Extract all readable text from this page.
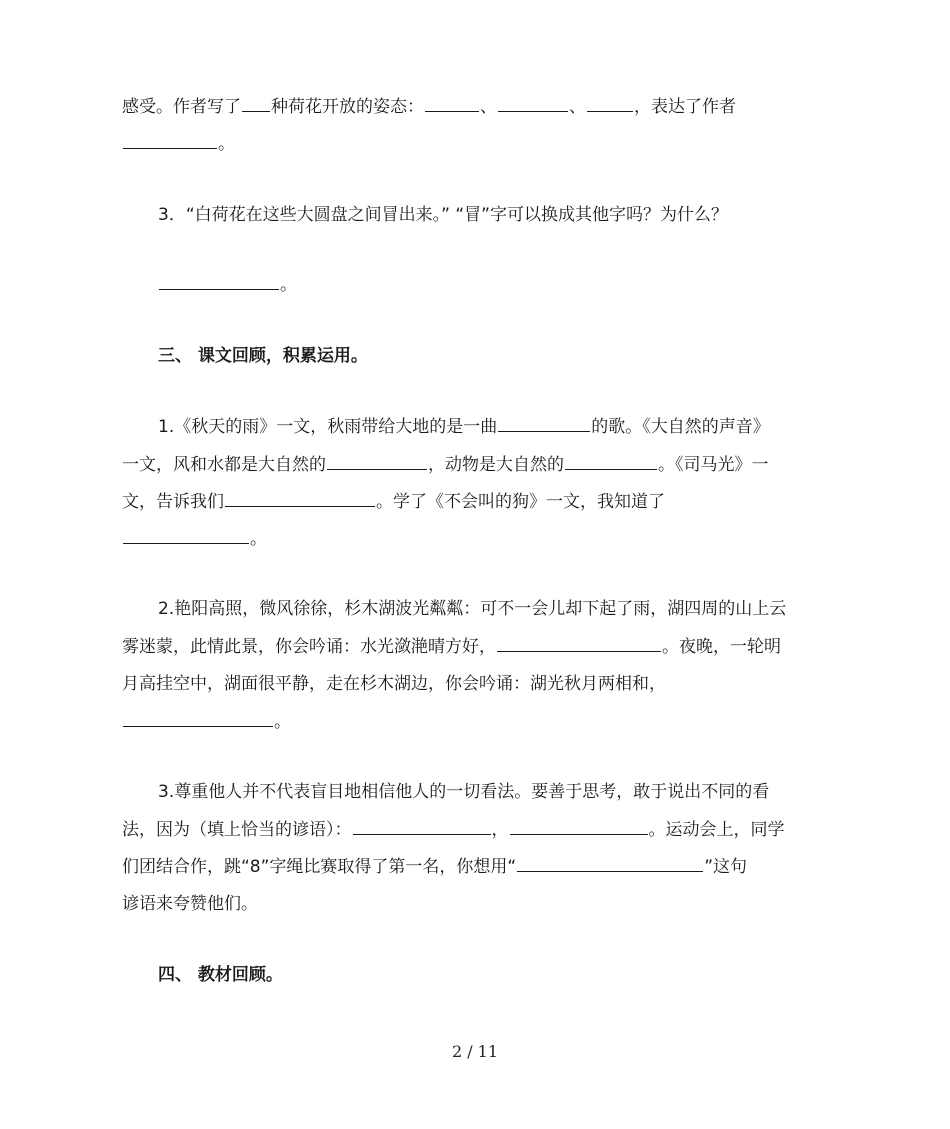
感受。作者写了 种荷花开放的姿态：	、	、	，表达了作者
。
3．“白荷花在这些大圆盘之间冒出来。” “冒”字可以换成其他字吗？为什么？
。
三、 课文回顾，积累运用。
1.《秋天的雨》一文，秋雨带给大地的是一曲	的歌。《大自然的声音》
一文，风和水都是大自然的	，动物是大自然的	。《司马光》一
文，告诉我们	。学了《不会叫的狗》一文，我知道了
。
2.艳阳高照，微风徐徐，杉木湖波光粼粼：可不一会儿却下起了雨，湖四周的山上云
雾迷蒙，此情此景，你会吟诵：水光潋滟晴方好，	。夜晚，一轮明
月高挂空中，湖面很平静，走在杉木湖边，你会吟诵：湖光秋月两相和，
。
3.尊重他人并不代表盲目地相信他人的一切看法。要善于思考，敢于说出不同的看
法，因为（填上恰当的谚语）：	，	。运动会上，同学
们团结合作，跳“8”字绳比赛取得了第一名，你想用“	”这句
谚语来夸赞他们。
四、 教材回顾。
2 / 11
